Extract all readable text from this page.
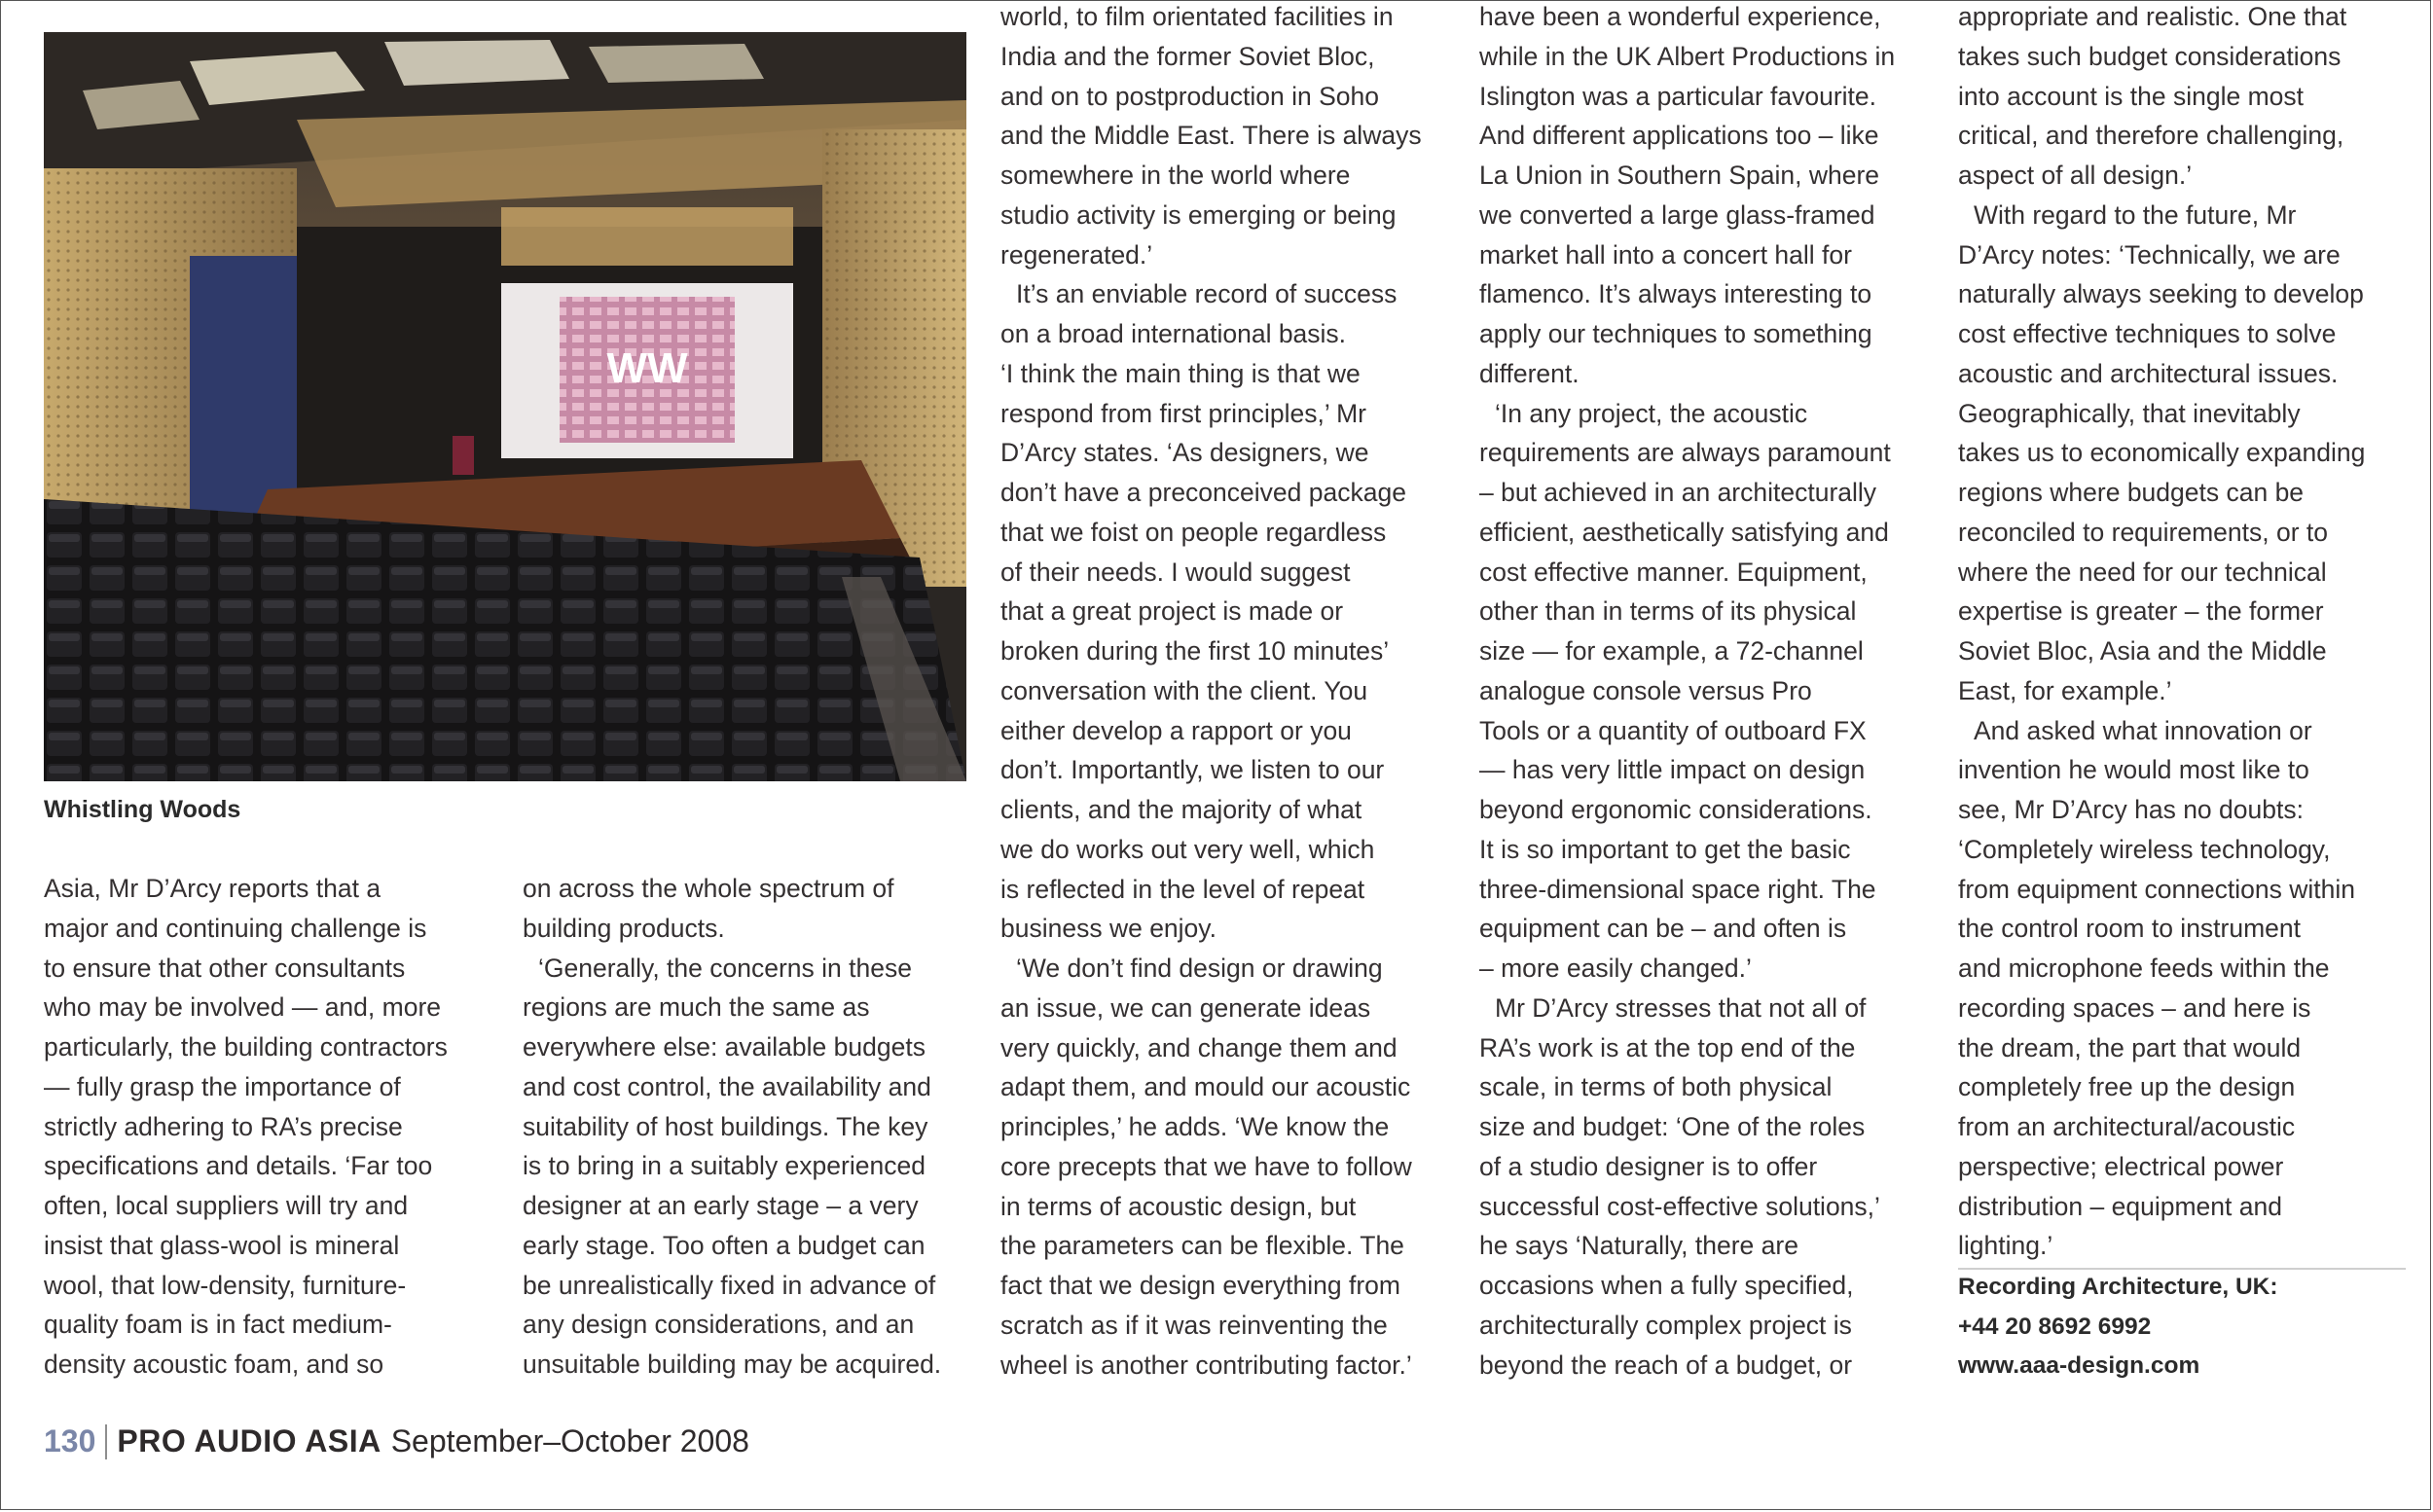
WW
Whistling Woods
Asia, Mr D’Arcy reports that a
major and continuing challenge is
to ensure that other consultants
who may be involved — and, more
particularly, the building contractors
— fully grasp the importance of
strictly adhering to RA’s precise
specifications and details. ‘Far too
often, local suppliers will try and
insist that glass-wool is mineral
wool, that low-density, furniture-
quality foam is in fact medium-
density acoustic foam, and so
on across the whole spectrum of
building products.
‘Generally, the concerns in these
regions are much the same as
everywhere else: available budgets
and cost control, the availability and
suitability of host buildings. The key
is to bring in a suitably experienced
designer at an early stage – a very
early stage. Too often a budget can
be unrealistically fixed in advance of
any design considerations, and an
unsuitable building may be acquired.
world, to film orientated facilities in
India and the former Soviet Bloc,
and on to postproduction in Soho
and the Middle East. There is always
somewhere in the world where
studio activity is emerging or being
regenerated.’
It’s an enviable record of success
on a broad international basis.
‘I think the main thing is that we
respond from first principles,’ Mr
D’Arcy states. ‘As designers, we
don’t have a preconceived package
that we foist on people regardless
of their needs. I would suggest
that a great project is made or
broken during the first 10 minutes’
conversation with the client. You
either develop a rapport or you
don’t. Importantly, we listen to our
clients, and the majority of what
we do works out very well, which
is reflected in the level of repeat
business we enjoy.
‘We don’t find design or drawing
an issue, we can generate ideas
very quickly, and change them and
adapt them, and mould our acoustic
principles,’ he adds. ‘We know the
core precepts that we have to follow
in terms of acoustic design, but
the parameters can be flexible. The
fact that we design everything from
scratch as if it was reinventing the
wheel is another contributing factor.’
have been a wonderful experience,
while in the UK Albert Productions in
Islington was a particular favourite.
And different applications too – like
La Union in Southern Spain, where
we converted a large glass-framed
market hall into a concert hall for
flamenco. It’s always interesting to
apply our techniques to something
different.
‘In any project, the acoustic
requirements are always paramount
– but achieved in an architecturally
efficient, aesthetically satisfying and
cost effective manner. Equipment,
other than in terms of its physical
size — for example, a 72-channel
analogue console versus Pro
Tools or a quantity of outboard FX
— has very little impact on design
beyond ergonomic considerations.
It is so important to get the basic
three-dimensional space right. The
equipment can be – and often is
– more easily changed.’
Mr D’Arcy stresses that not all of
RA’s work is at the top end of the
scale, in terms of both physical
size and budget: ‘One of the roles
of a studio designer is to offer
successful cost-effective solutions,’
he says ‘Naturally, there are
occasions when a fully specified,
architecturally complex project is
beyond the reach of a budget, or
appropriate and realistic. One that
takes such budget considerations
into account is the single most
critical, and therefore challenging,
aspect of all design.’
With regard to the future, Mr
D’Arcy notes: ‘Technically, we are
naturally always seeking to develop
cost effective techniques to solve
acoustic and architectural issues.
Geographically, that inevitably
takes us to economically expanding
regions where budgets can be
reconciled to requirements, or to
where the need for our technical
expertise is greater – the former
Soviet Bloc, Asia and the Middle
East, for example.’
And asked what innovation or
invention he would most like to
see, Mr D’Arcy has no doubts:
‘Completely wireless technology,
from equipment connections within
the control room to instrument
and microphone feeds within the
recording spaces – and here is
the dream, the part that would
completely free up the design
from an architectural/acoustic
perspective; electrical power
distribution – equipment and
lighting.’
Recording Architecture, UK:
+44 20 8692 6992
www.aaa-design.com
130 PRO AUDIO ASIA September–October 2008
